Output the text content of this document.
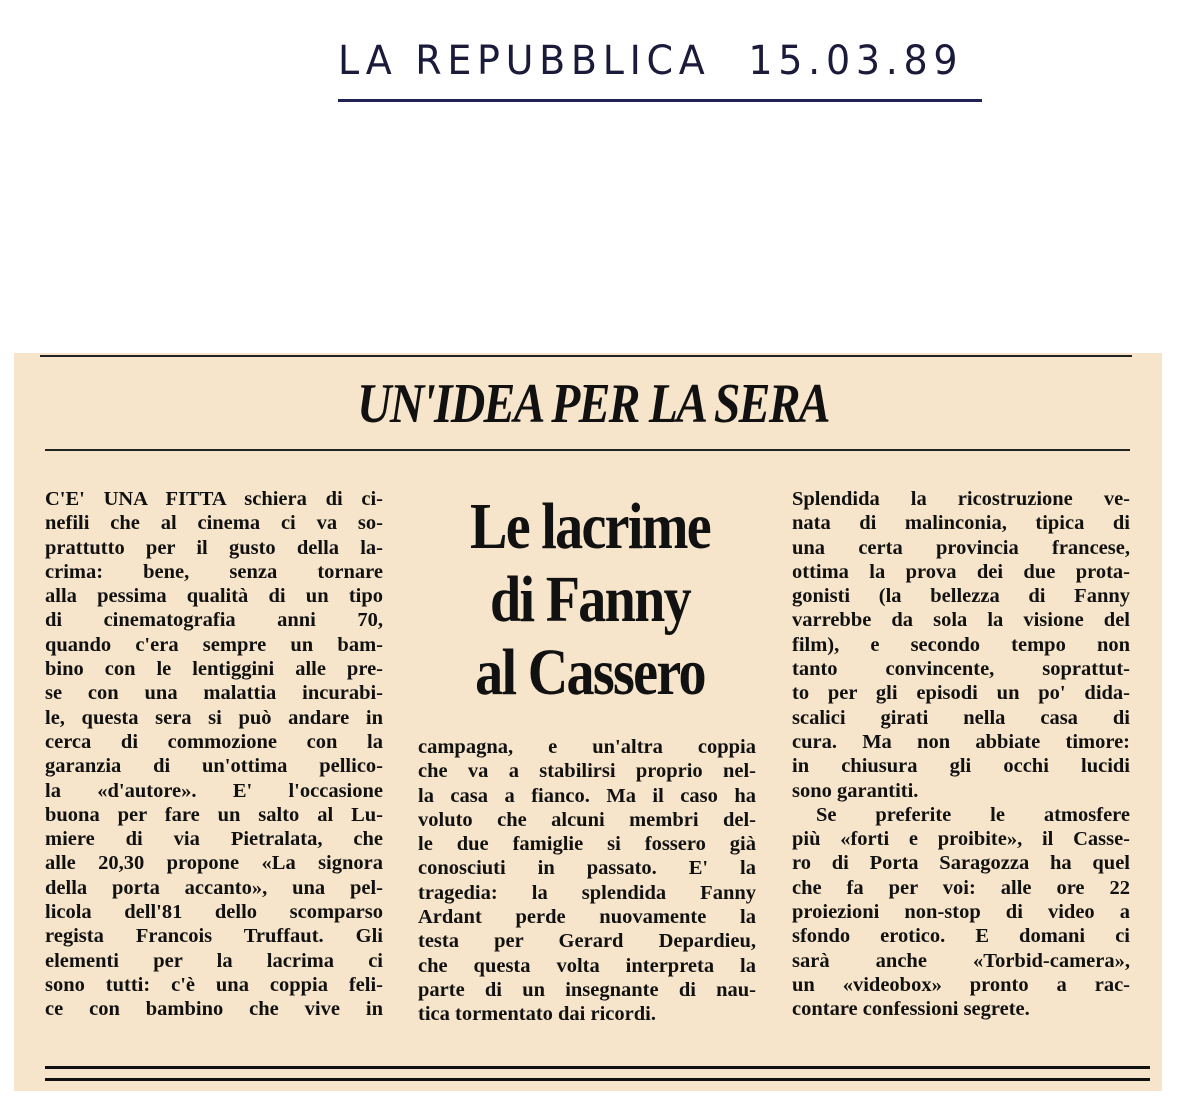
LA REPUBBLICA 15.03.89
UN'IDEA PER LA SERA
Le lacrime
di Fanny
al Cassero
C'E' UNA FITTA schiera di ci-
nefili che al cinema ci va so-
prattutto per il gusto della la-
crima: bene, senza tornare
alla pessima qualità di un tipo
di cinematografia anni 70,
quando c'era sempre un bam-
bino con le lentiggini alle pre-
se con una malattia incurabi-
le, questa sera si può andare in
cerca di commozione con la
garanzia di un'ottima pellico-
la «d'autore». E' l'occasione
buona per fare un salto al Lu-
miere di via Pietralata, che
alle 20,30 propone «La signora
della porta accanto», una pel-
licola dell'81 dello scomparso
regista Francois Truffaut. Gli
elementi per la lacrima ci
sono tutti: c'è una coppia feli-
ce con bambino che vive in
campagna, e un'altra coppia
che va a stabilirsi proprio nel-
la casa a fianco. Ma il caso ha
voluto che alcuni membri del-
le due famiglie si fossero già
conosciuti in passato. E' la
tragedia: la splendida Fanny
Ardant perde nuovamente la
testa per Gerard Depardieu,
che questa volta interpreta la
parte di un insegnante di nau-
tica tormentato dai ricordi.
Splendida la ricostruzione ve-
nata di malinconia, tipica di
una certa provincia francese,
ottima la prova dei due prota-
gonisti (la bellezza di Fanny
varrebbe da sola la visione del
film), e secondo tempo non
tanto convincente, soprattut-
to per gli episodi un po' dida-
scalici girati nella casa di
cura. Ma non abbiate timore:
in chiusura gli occhi lucidi
sono garantiti.
Se preferite le atmosfere
più «forti e proibite», il Casse-
ro di Porta Saragozza ha quel
che fa per voi: alle ore 22
proiezioni non-stop di video a
sfondo erotico. E domani ci
sarà anche «Torbid-camera»,
un «videobox» pronto a rac-
contare confessioni segrete.
